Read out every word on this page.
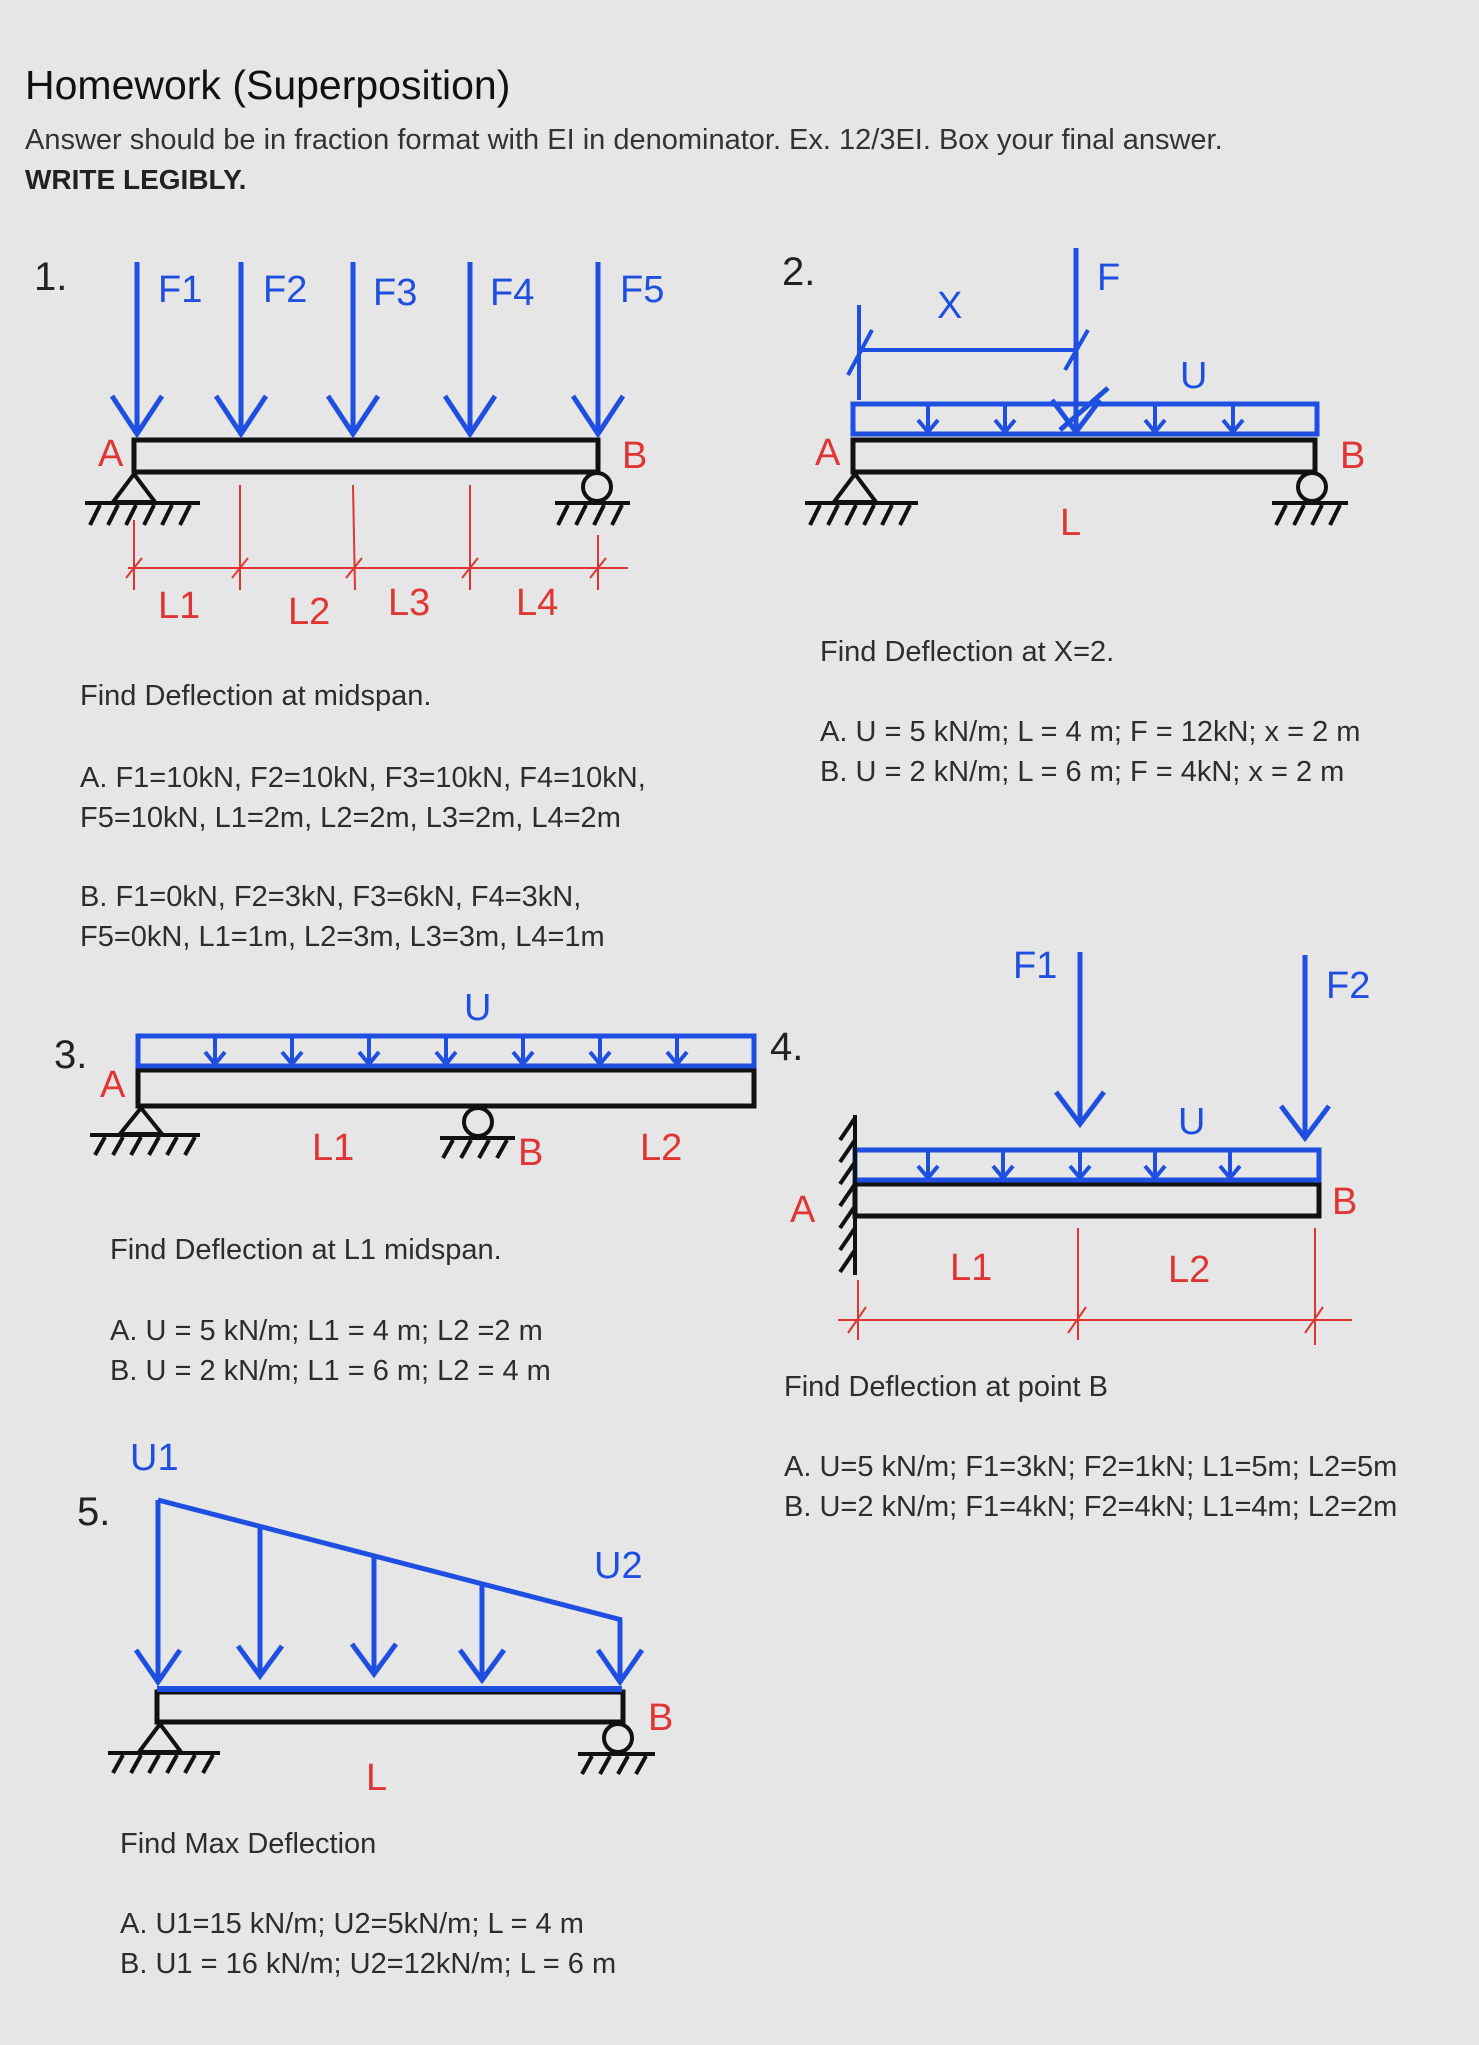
Homework (Superposition)
Answer should be in fraction format with EI in denominator. Ex. 12/3EI. Box your final answer.
WRITE LEGIBLY.
F1 F2 F3 F4 F5
A	B
L1 L2 L3 L4
X
F
U
A	B
L
U
A
B
L1	L2
F1	F2
U
A	B
L1	L2
U1
U2
B
L
1.	2.
3.	4.
5.
Find Deflection at midspan.
A. F1=10kN, F2=10kN, F3=10kN, F4=10kN,
F5=10kN, L1=2m, L2=2m, L3=2m, L4=2m
B. F1=0kN, F2=3kN, F3=6kN, F4=3kN,
F5=0kN, L1=1m, L2=3m, L3=3m, L4=1m
Find Deflection at X=2.
A. U = 5 kN/m; L = 4 m; F = 12kN; x = 2 m
B. U = 2 kN/m; L = 6 m; F = 4kN; x = 2 m
Find Deflection at L1 midspan.
A. U = 5 kN/m; L1 = 4 m; L2 =2 m
B. U = 2 kN/m; L1 = 6 m; L2 = 4 m	Find Deflection at point B
A. U=5 kN/m; F1=3kN; F2=1kN; L1=5m; L2=5m
B. U=2 kN/m; F1=4kN; F2=4kN; L1=4m; L2=2m
Find Max Deflection
A. U1=15 kN/m; U2=5kN/m; L = 4 m
B. U1 = 16 kN/m; U2=12kN/m; L = 6 m
